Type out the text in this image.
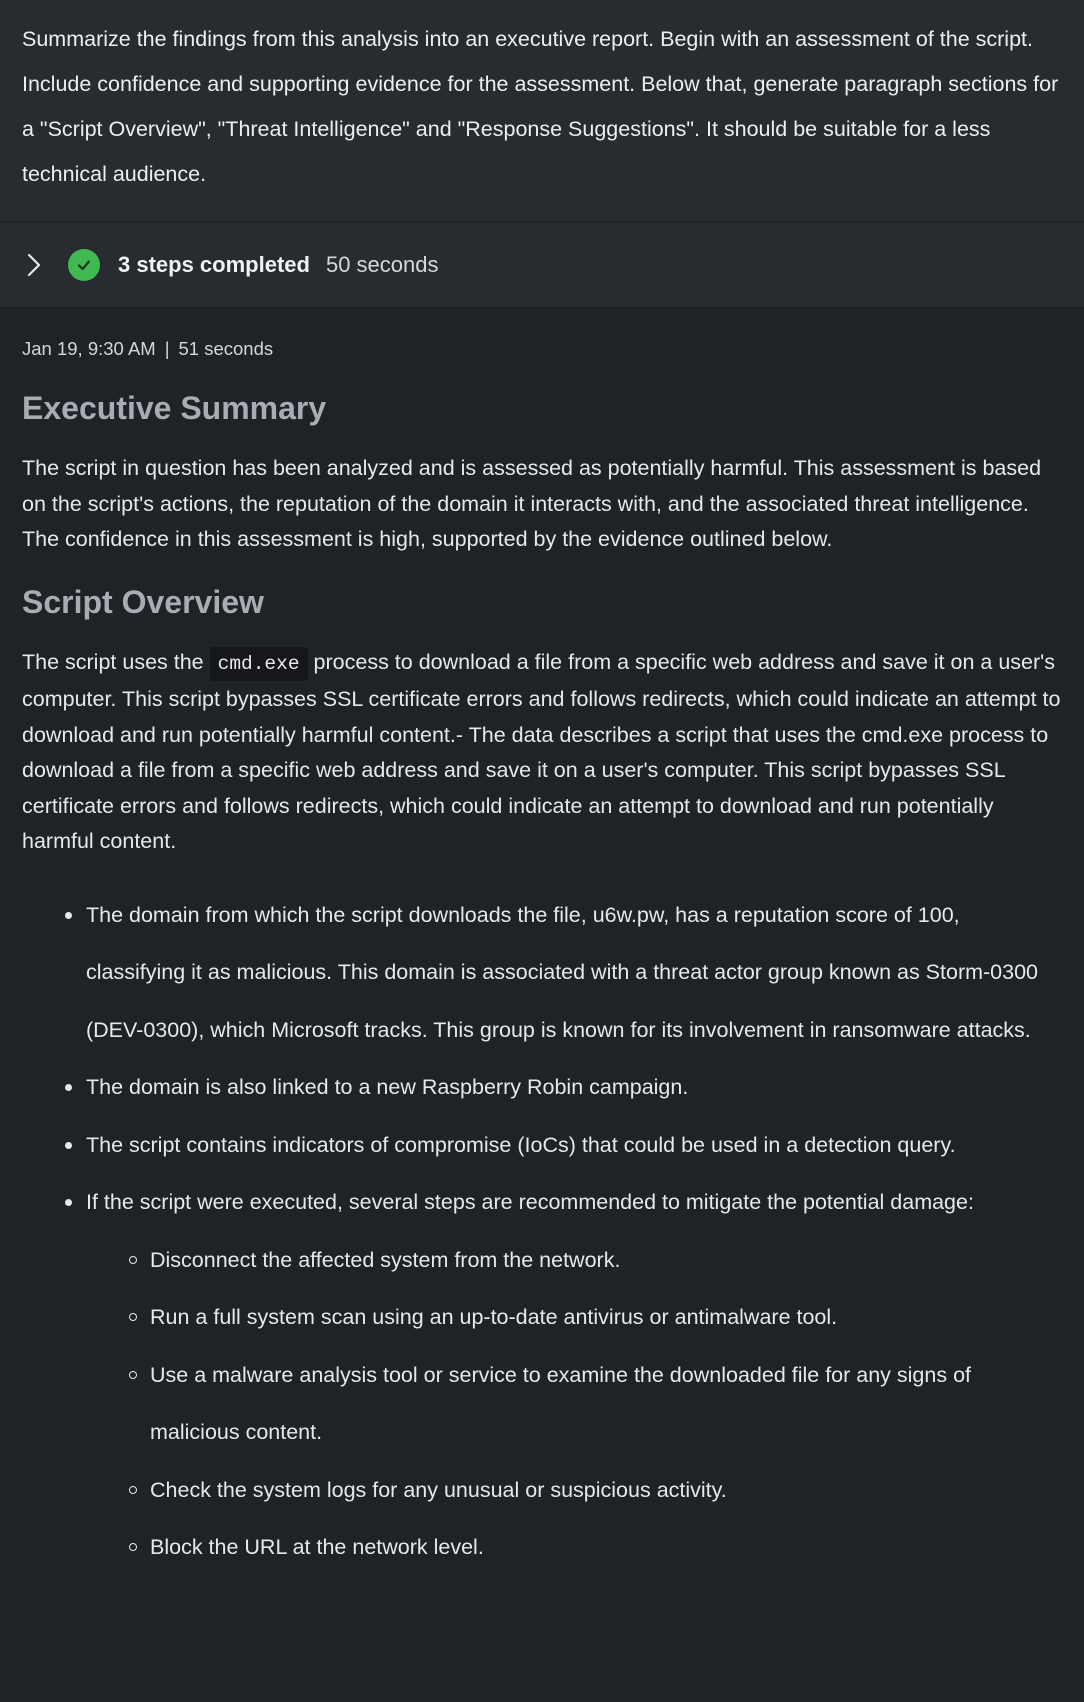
Summarize the findings from this analysis into an executive report. Begin with an assessment of the script. Include confidence and supporting evidence for the assessment. Below that, generate paragraph sections for a "Script Overview", "Threat Intelligence" and "Response Suggestions". It should be suitable for a less technical audience.
3 steps completed 50 seconds
Jan 19, 9:30 AM | 51 seconds
Executive Summary

The script in question has been analyzed and is assessed as potentially harmful. This assessment is based on the script's actions, the reputation of the domain it interacts with, and the associated threat intelligence. The confidence in this assessment is high, supported by the evidence outlined below.

Script Overview

The script uses the cmd.exe process to download a file from a specific web address and save it on a user's computer. This script bypasses SSL certificate errors and follows redirects, which could indicate an attempt to download and run potentially harmful content.- The data describes a script that uses the cmd.exe process to download a file from a specific web address and save it on a user's computer. This script bypasses SSL certificate errors and follows redirects, which could indicate an attempt to download and run potentially harmful content.

The domain from which the script downloads the file, u6w.pw, has a reputation score of 100, classifying it as malicious. This domain is associated with a threat actor group known as Storm-0300 (DEV-0300), which Microsoft tracks. This group is known for its involvement in ransomware attacks.
The domain is also linked to a new Raspberry Robin campaign.
The script contains indicators of compromise (IoCs) that could be used in a detection query.
If the script were executed, several steps are recommended to mitigate the potential damage:
Disconnect the affected system from the network.
Run a full system scan using an up-to-date antivirus or antimalware tool.
Use a malware analysis tool or service to examine the downloaded file for any signs of malicious content.
Check the system logs for any unusual or suspicious activity.
Block the URL at the network level.
